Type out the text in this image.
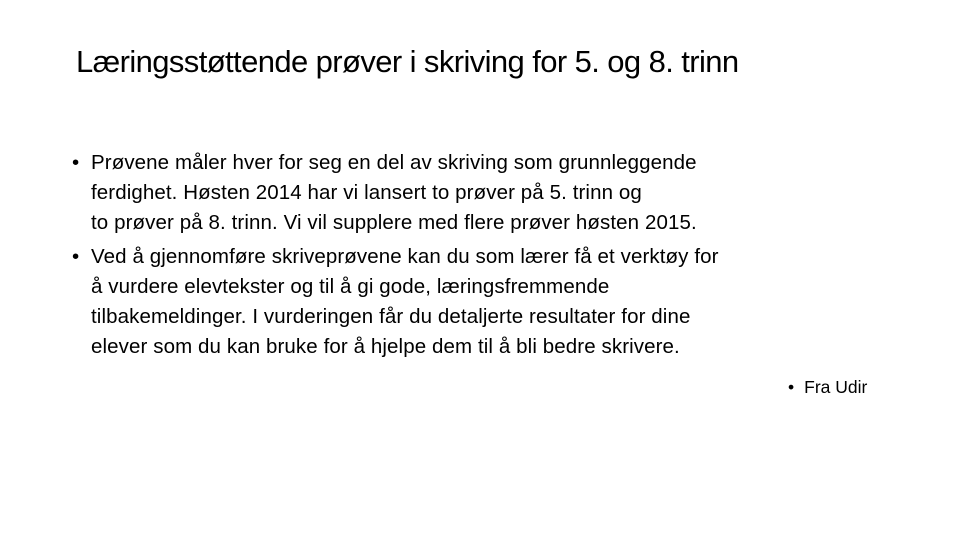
Læringsstøttende prøver i skriving for 5. og 8. trinn
• Prøvene måler hver for seg en del av skriving som grunnleggende
ferdighet. Høsten 2014 har vi lansert to prøver på 5. trinn og
to prøver på 8. trinn. Vi vil supplere med flere prøver høsten 2015.
• Ved å gjennomføre skriveprøvene kan du som lærer få et verktøy for
å vurdere elevtekster og til å gi gode, læringsfremmende
tilbakemeldinger. I vurderingen får du detaljerte resultater for dine
elever som du kan bruke for å hjelpe dem til å bli bedre skrivere.
• Fra Udir
